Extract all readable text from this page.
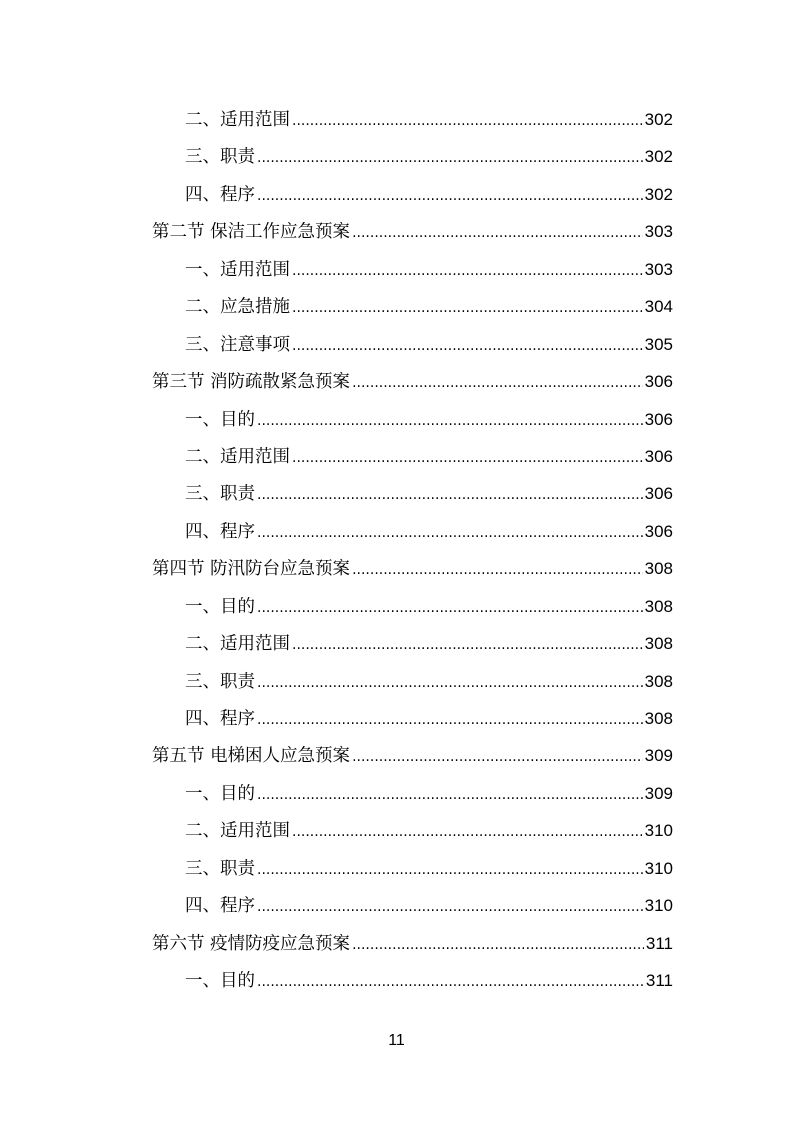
二、适用范围 .....	302
三、职责 .....	302
四、程序 .....	302
第二节 保洁工作应急预案 .....	303
一、适用范围 .....	303
二、应急措施 .....	304
三、注意事项 .....	305
第三节 消防疏散紧急预案 .....	306
一、目的 .....	306
二、适用范围 .....	306
三、职责 .....	306
四、程序 .....	306
第四节 防汛防台应急预案 .....	308
一、目的 .....	308
二、适用范围 .....	308
三、职责 .....	308
四、程序 .....	308
第五节 电梯困人应急预案 .....	309
一、目的 .....	309
二、适用范围 .....	310
三、职责 .....	310
四、程序 .....	310
第六节 疫情防疫应急预案 .....	311
一、目的 .....	311
11
